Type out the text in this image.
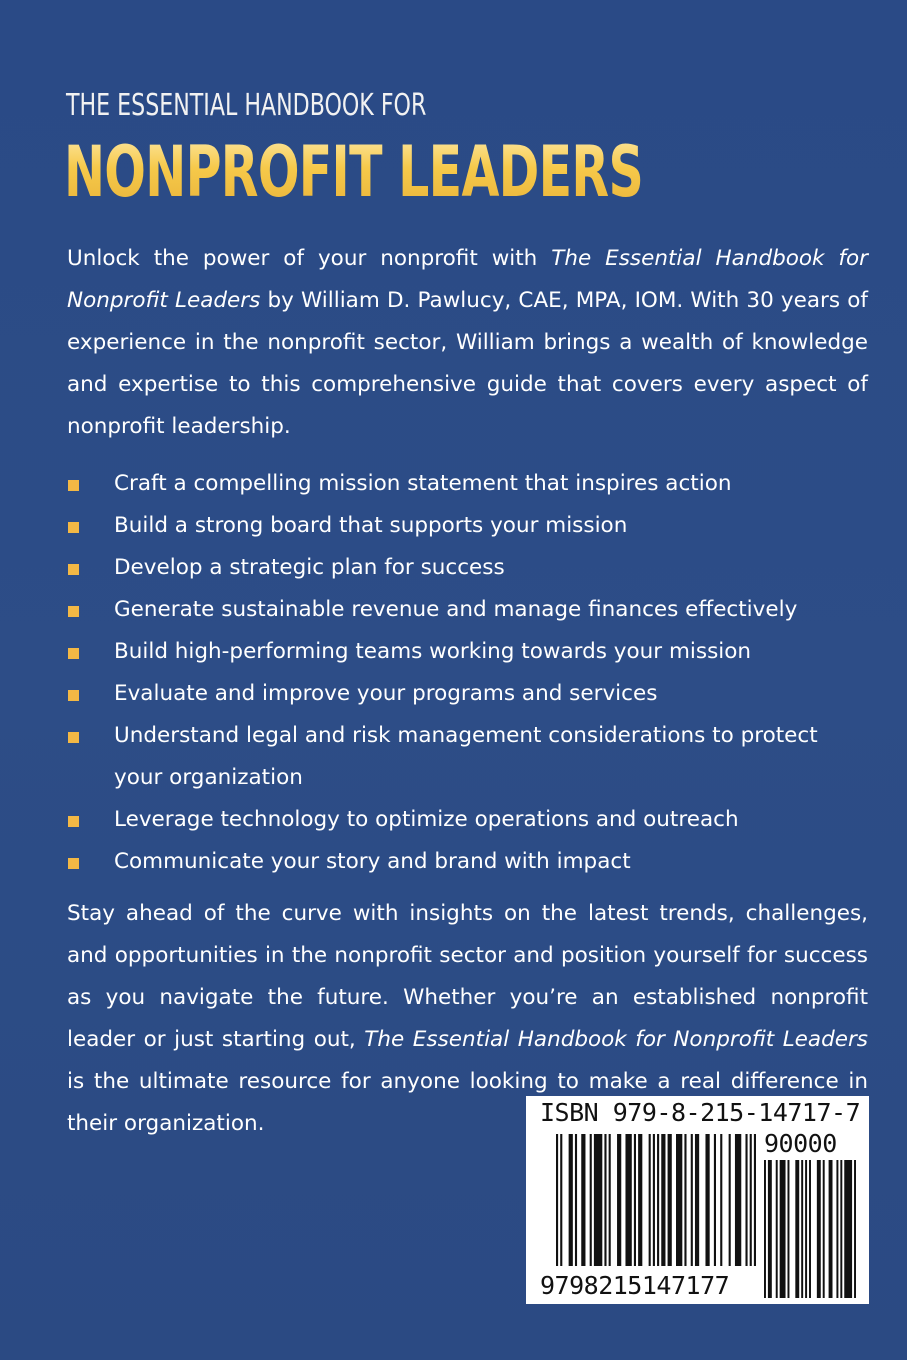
THE ESSENTIAL HANDBOOK FOR
NONPROFIT LEADERS
Unlock the power of your nonprofit with The Essential Handbook for Nonprofit Leaders by William D. Pawlucy, CAE, MPA, IOM. With 30 years of experience in the nonprofit sector, William brings a wealth of knowledge and expertise to this comprehensive guide that covers every aspect of nonprofit leadership.
Craft a compelling mission statement that inspires action
Build a strong board that supports your mission
Develop a strategic plan for success
Generate sustainable revenue and manage finances effectively
Build high-performing teams working towards your mission
Evaluate and improve your programs and services
Understand legal and risk management considerations to protect your organization
Leverage technology to optimize operations and outreach
Communicate your story and brand with impact
Stay ahead of the curve with insights on the latest trends, challenges, and opportunities in the nonprofit sector and position yourself for success as you navigate the future. Whether you’re an established nonprofit leader or just starting out, The Essential Handbook for Nonprofit Leaders is the ultimate resource for anyone looking to make a real difference in their organization.	ISBN 979-8-215-14717-7
90000
9798215147177
